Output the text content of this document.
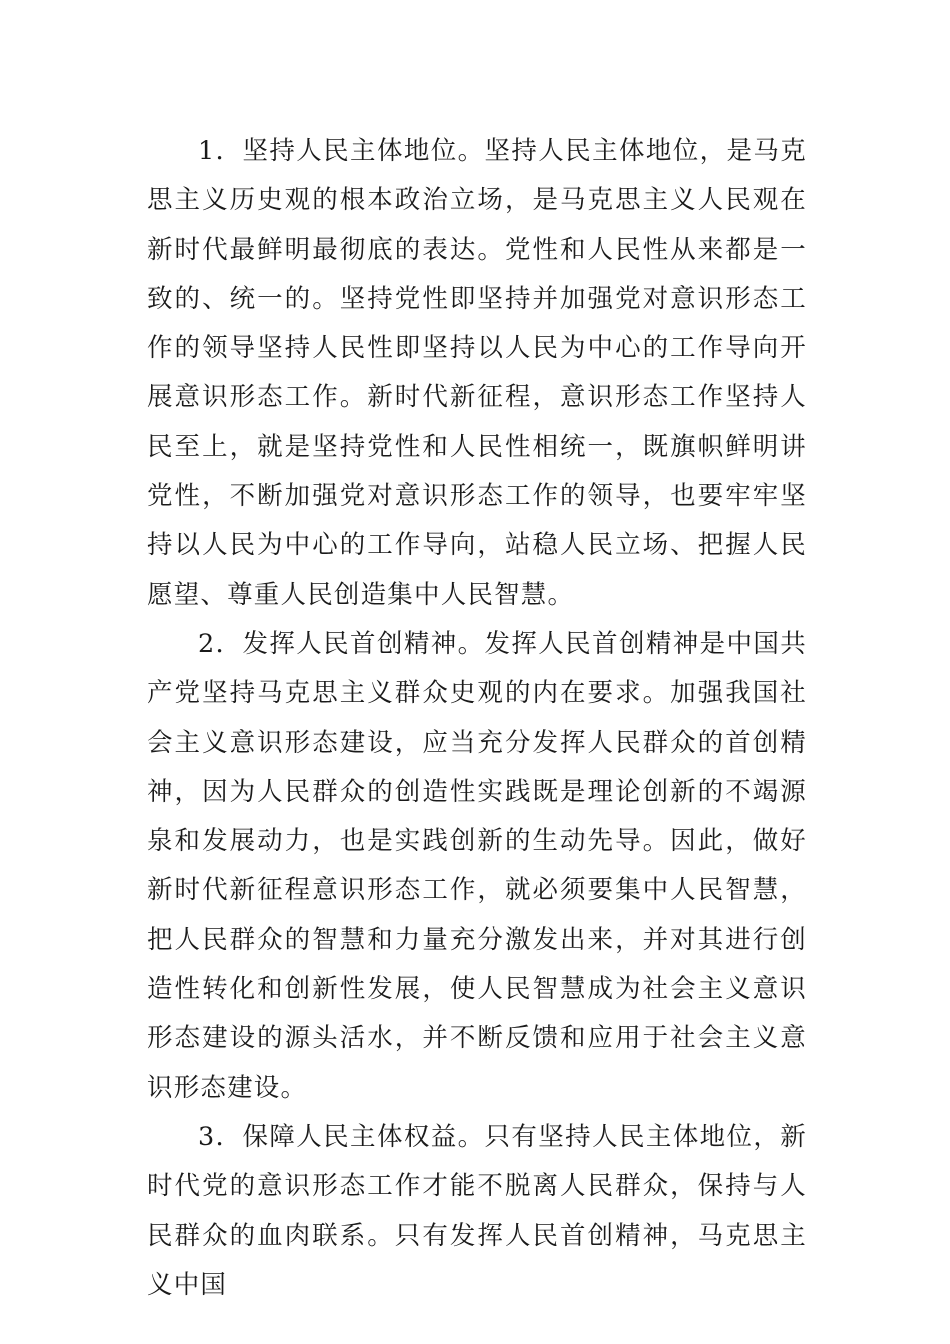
1．坚持人民主体地位。坚持人民主体地位，是马克思主义历史观的根本政治立场，是马克思主义人民观在新时代最鲜明最彻底的表达。党性和人民性从来都是一致的、统一的。坚持党性即坚持并加强党对意识形态工作的领导坚持人民性即坚持以人民为中心的工作导向开展意识形态工作。新时代新征程，意识形态工作坚持人民至上，就是坚持党性和人民性相统一，既旗帜鲜明讲党性，不断加强党对意识形态工作的领导，也要牢牢坚持以人民为中心的工作导向，站稳人民立场、把握人民愿望、尊重人民创造集中人民智慧。

2．发挥人民首创精神。发挥人民首创精神是中国共产党坚持马克思主义群众史观的内在要求。加强我国社会主义意识形态建设，应当充分发挥人民群众的首创精神，因为人民群众的创造性实践既是理论创新的不竭源泉和发展动力，也是实践创新的生动先导。因此，做好新时代新征程意识形态工作，就必须要集中人民智慧，把人民群众的智慧和力量充分激发出来，并对其进行创造性转化和创新性发展，使人民智慧成为社会主义意识形态建设的源头活水，并不断反馈和应用于社会主义意识形态建设。

3．保障人民主体权益。只有坚持人民主体地位，新时代党的意识形态工作才能不脱离人民群众，保持与人民群众的血肉联系。只有发挥人民首创精神，马克思主义中国
